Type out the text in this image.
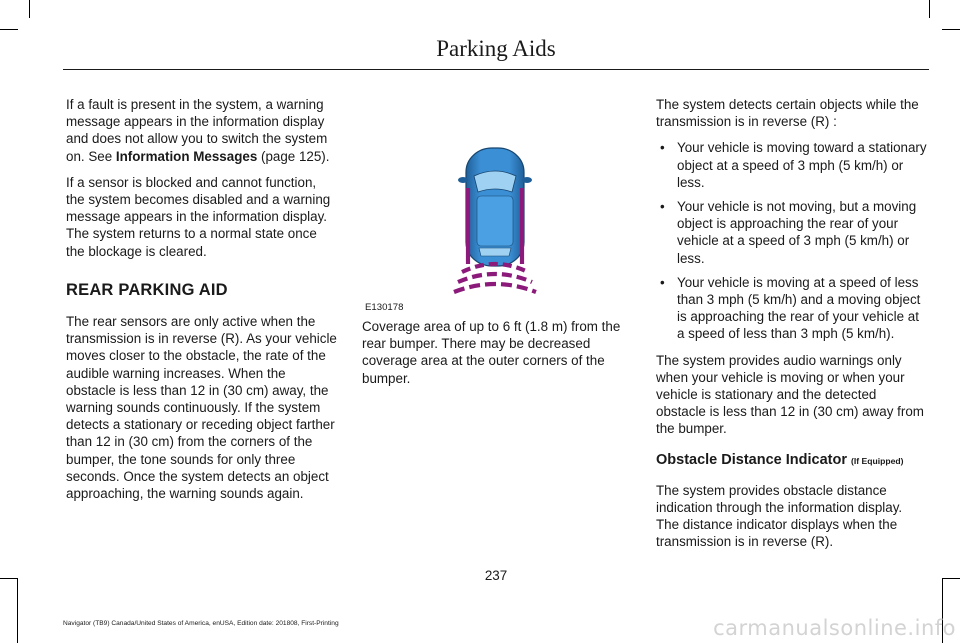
Parking Aids

If a fault is present in the system, a warning message appears in the information display and does not allow you to switch the system on. See Information Messages (page 125).

If a sensor is blocked and cannot function, the system becomes disabled and a warning message appears in the information display. The system returns to a normal state once the blockage is cleared.

REAR PARKING AID

The rear sensors are only active when the transmission is in reverse (R). As your vehicle moves closer to the obstacle, the rate of the audible warning increases. When the obstacle is less than 12 in (30 cm) away, the warning sounds continuously. If the system detects a stationary or receding object farther than 12 in (30 cm) from the corners of the bumper, the tone sounds for only three seconds. Once the system detects an object approaching, the warning sounds again.

E130178

Coverage area of up to 6 ft (1.8 m) from the rear bumper. There may be decreased coverage area at the outer corners of the bumper.

The system detects certain objects while the transmission is in reverse (R) :

• Your vehicle is moving toward a stationary object at a speed of 3 mph (5 km/h) or less.
• Your vehicle is not moving, but a moving object is approaching the rear of your vehicle at a speed of 3 mph (5 km/h) or less.
• Your vehicle is moving at a speed of less than 3 mph (5 km/h) and a moving object is approaching the rear of your vehicle at a speed of less than 3 mph (5 km/h).

The system provides audio warnings only when your vehicle is moving or when your vehicle is stationary and the detected obstacle is less than 12 in (30 cm) away from the bumper.

Obstacle Distance Indicator (If Equipped)

The system provides obstacle distance indication through the information display. The distance indicator displays when the transmission is in reverse (R).

237
Navigator (TB9) Canada/United States of America, enUSA, Edition date: 201808, First-Printing	carmanualsonline.info
